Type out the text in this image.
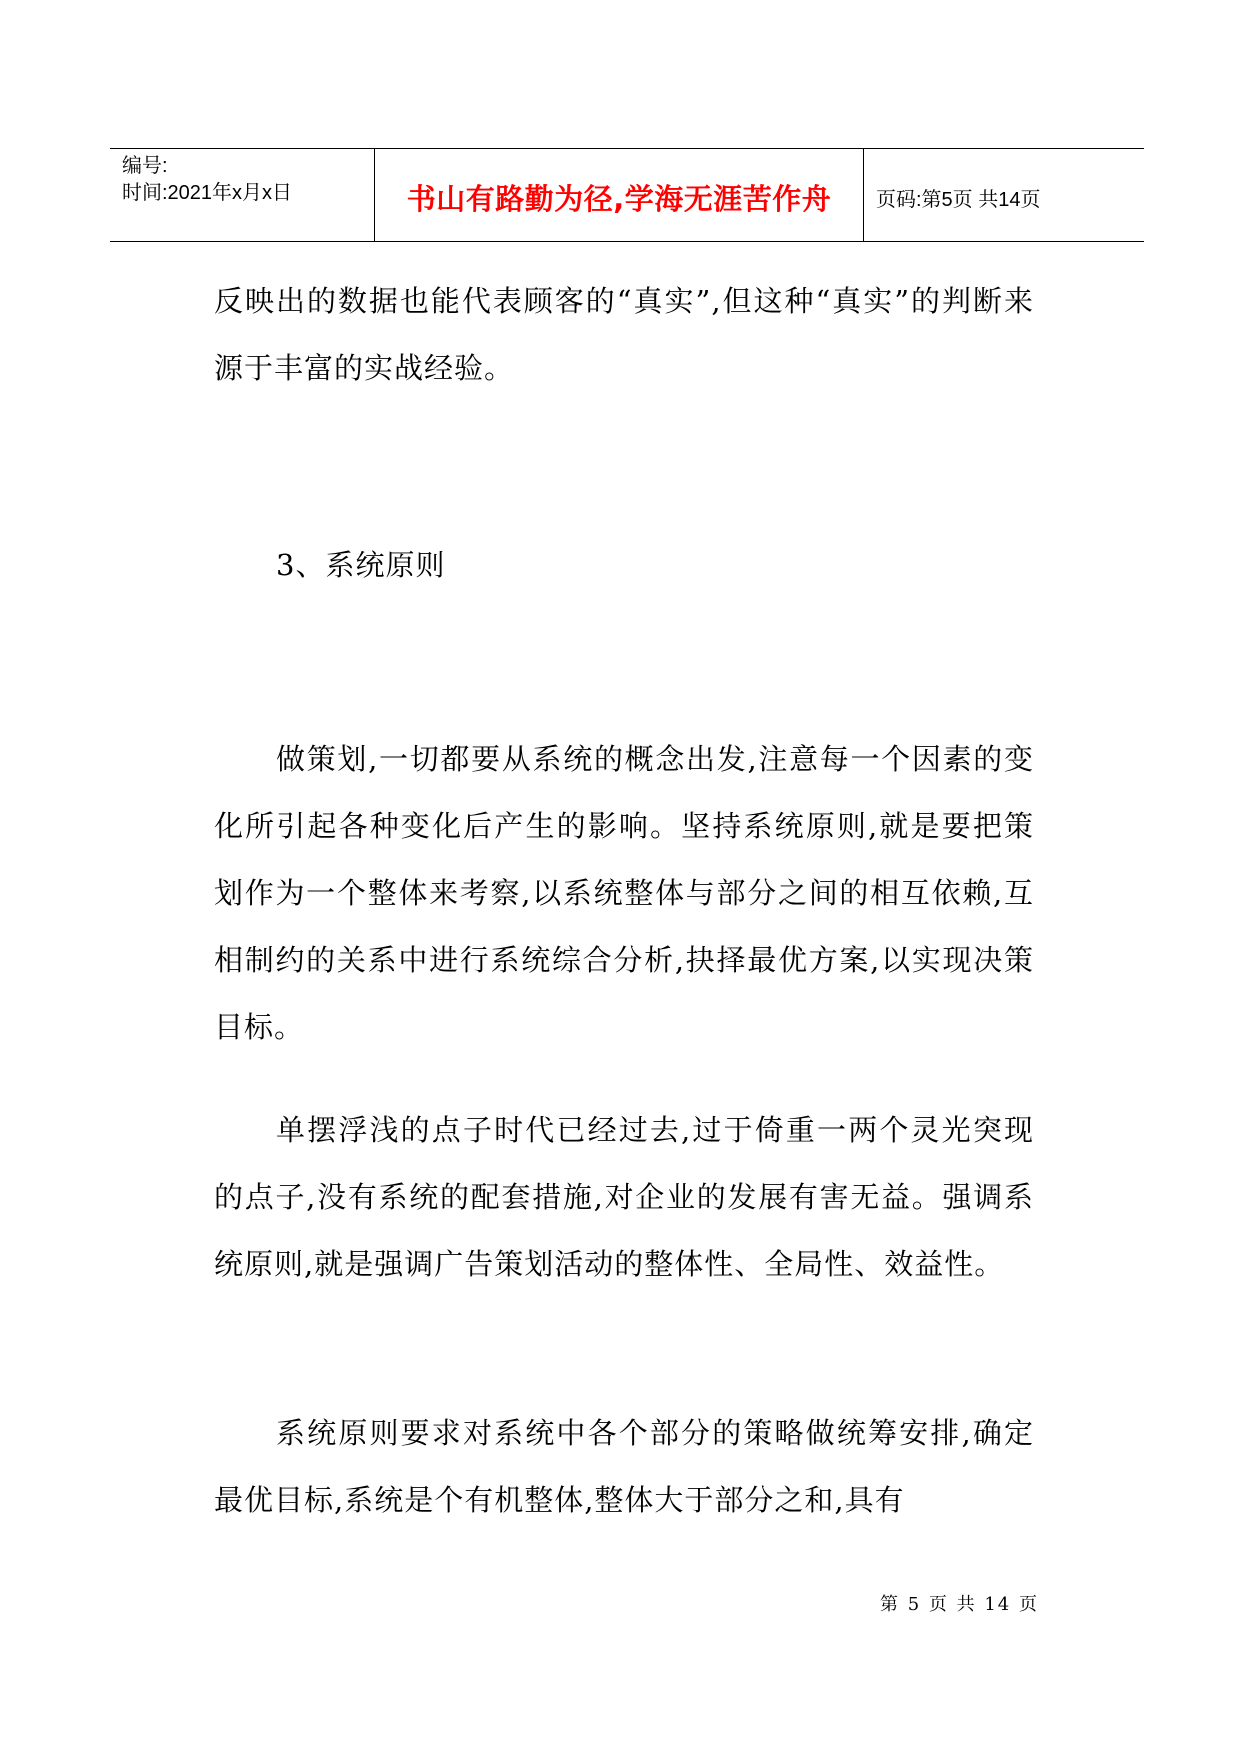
编号:
时间:2021年x月x日	书山有路勤为径,学海无涯苦作舟	页码:第5页 共14页

反映出的数据也能代表顾客的“真实”,但这种“真实”的判断来源于丰富的实战经验。

3、系统原则

做策划,一切都要从系统的概念出发,注意每一个因素的变化所引起各种变化后产生的影响。坚持系统原则,就是要把策划作为一个整体来考察,以系统整体与部分之间的相互依赖,互相制约的关系中进行系统综合分析,抉择最优方案,以实现决策目标。

单摆浮浅的点子时代已经过去,过于倚重一两个灵光突现的点子,没有系统的配套措施,对企业的发展有害无益。强调系统原则,就是强调广告策划活动的整体性、全局性、效益性。

系统原则要求对系统中各个部分的策略做统筹安排,确定最优目标,系统是个有机整体,整体大于部分之和,具有

第 5 页 共 14 页
